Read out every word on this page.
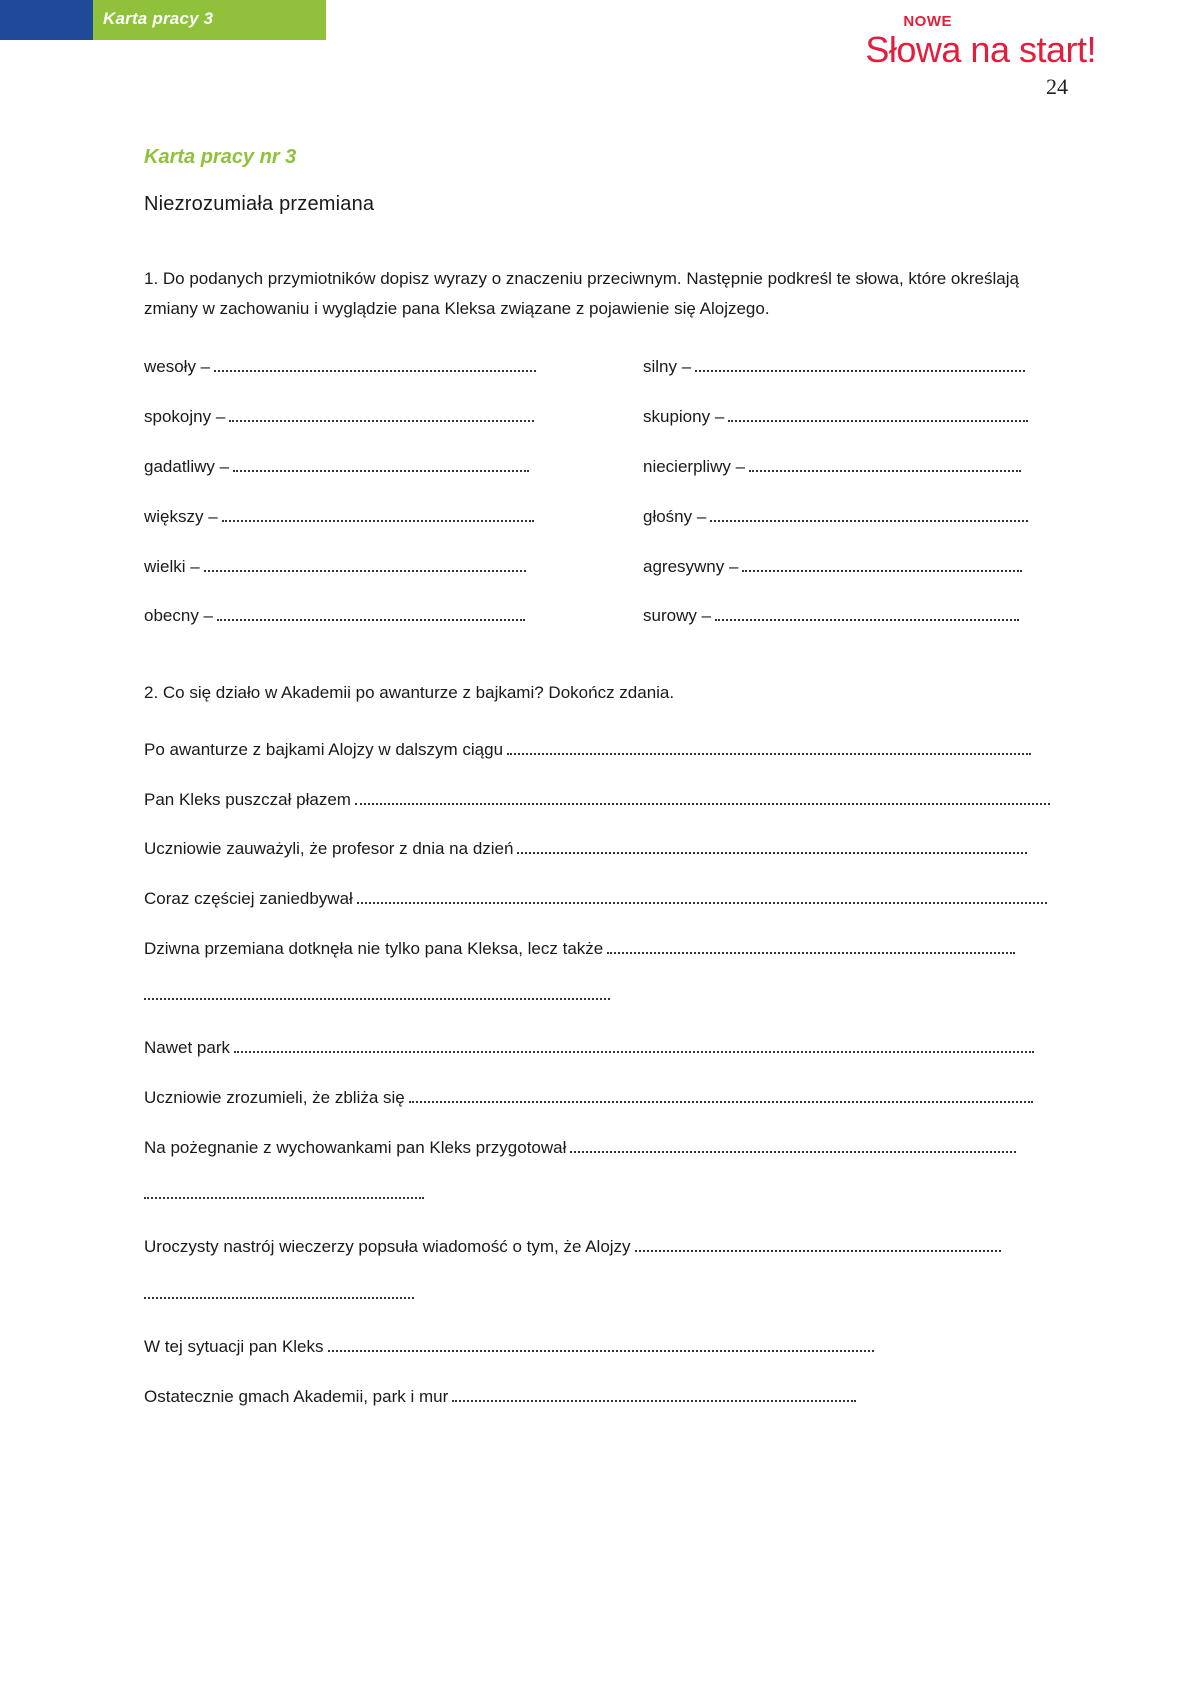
Karta pracy 3	NOWE
Słowa na start!
24
Karta pracy nr 3
Niezrozumiała przemiana
1. Do podanych przymiotników dopisz wyrazy o znaczeniu przeciwnym. Następnie podkreśl te słowa, które określają zmiany w zachowaniu i wyglądzie pana Kleksa związane z pojawienie się Alojzego.
wesoły –
spokojny –
gadatliwy –
większy –
wielki –
obecny –
silny –
skupiony –
niecierpliwy –
głośny –
agresywny –
surowy –
2. Co się działo w Akademii po awanturze z bajkami? Dokończ zdania.
Po awanturze z bajkami Alojzy w dalszym ciągu
Pan Kleks puszczał płazem
Uczniowie zauważyli, że profesor z dnia na dzień
Coraz częściej zaniedbywał
Dziwna przemiana dotknęła nie tylko pana Kleksa, lecz także
Nawet park
Uczniowie zrozumieli, że zbliża się
Na pożegnanie z wychowankami pan Kleks przygotował
Uroczysty nastrój wieczerzy popsuła wiadomość o tym, że Alojzy
W tej sytuacji pan Kleks
Ostatecznie gmach Akademii, park i mur
